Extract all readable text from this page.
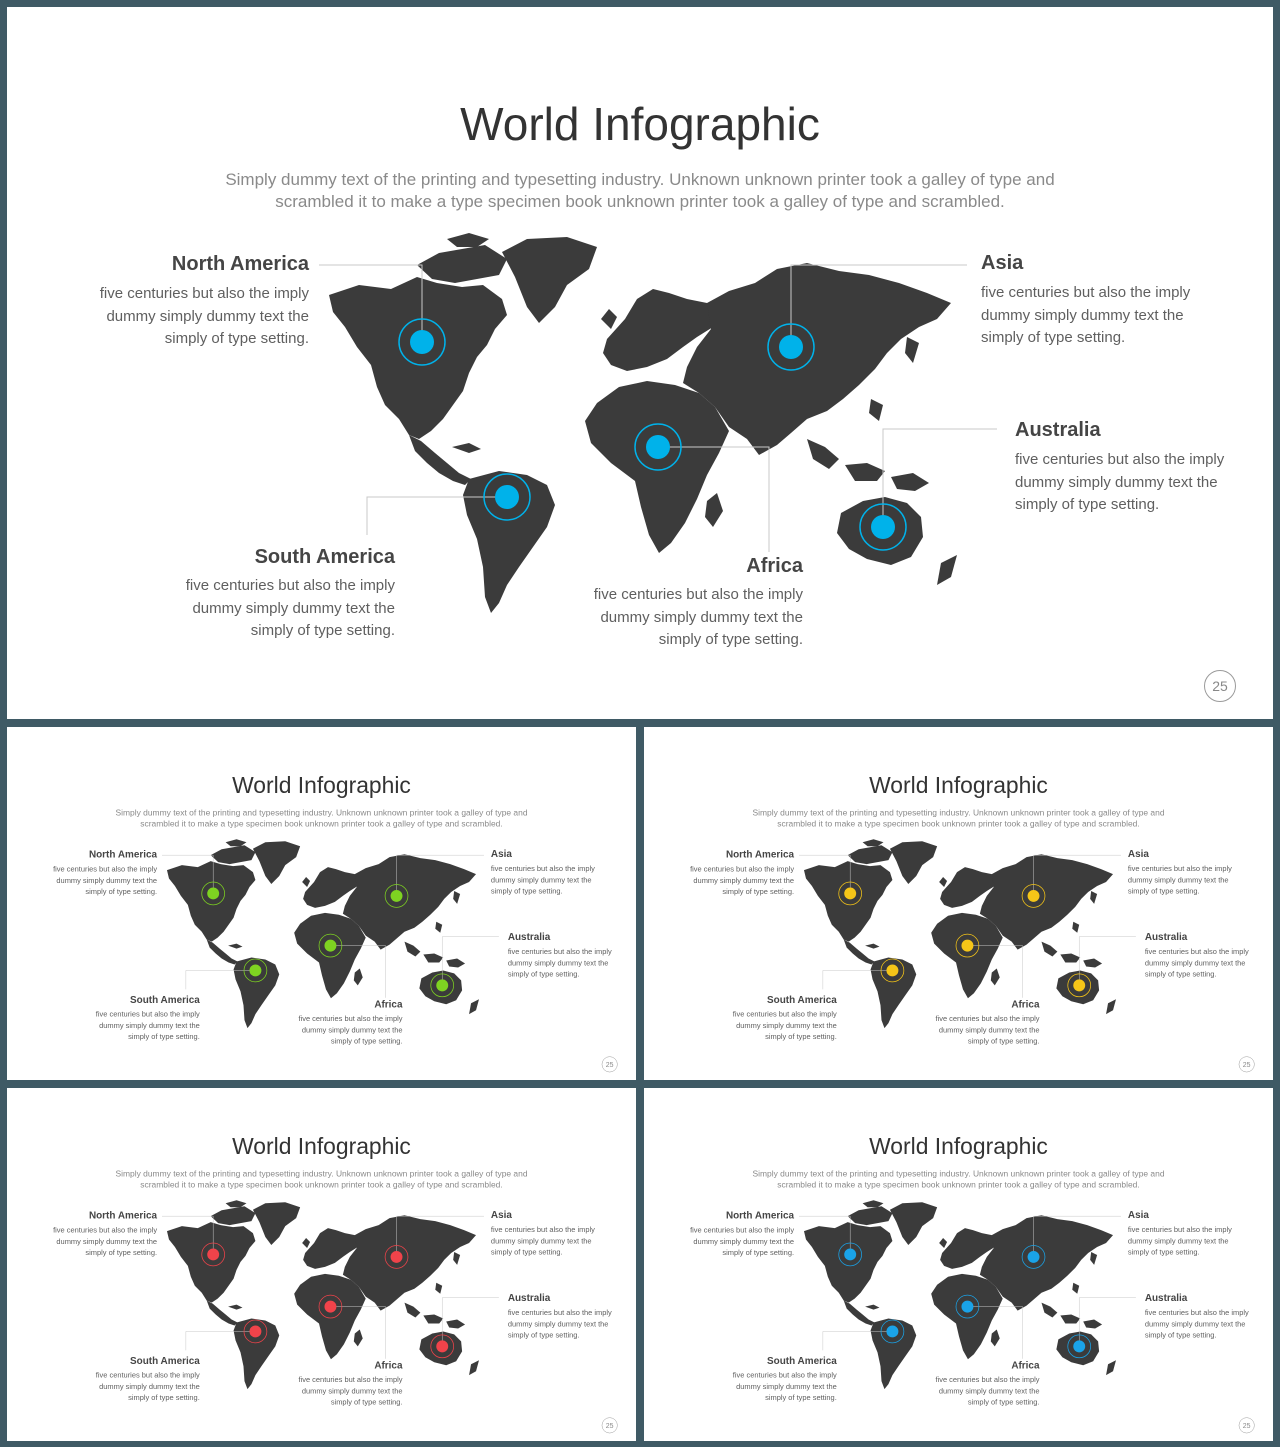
World Infographic
Simply dummy text of the printing and typesetting industry. Unknown unknown printer took a galley of type and scrambled it to make a type specimen book unknown printer took a galley of type and scrambled.
North America
five centuries but also the imply dummy simply dummy text the simply of type setting.
South America
five centuries but also the imply dummy simply dummy text the simply of type setting.
Africa
five centuries but also the imply dummy simply dummy text the simply of type setting.
Asia
five centuries but also the imply dummy simply dummy text the simply of type setting.
Australia
five centuries but also the imply dummy simply dummy text the simply of type setting.
25
World Infographic
Simply dummy text of the printing and typesetting industry. Unknown unknown printer took a galley of type and scrambled it to make a type specimen book unknown printer took a galley of type and scrambled.
North America
five centuries but also the imply dummy simply dummy text the simply of type setting.
South America
five centuries but also the imply dummy simply dummy text the simply of type setting.
Africa
five centuries but also the imply dummy simply dummy text the simply of type setting.
Asia
five centuries but also the imply dummy simply dummy text the simply of type setting.
Australia
five centuries but also the imply dummy simply dummy text the simply of type setting.
25
World Infographic
Simply dummy text of the printing and typesetting industry. Unknown unknown printer took a galley of type and scrambled it to make a type specimen book unknown printer took a galley of type and scrambled.
North America
five centuries but also the imply dummy simply dummy text the simply of type setting.
South America
five centuries but also the imply dummy simply dummy text the simply of type setting.
Africa
five centuries but also the imply dummy simply dummy text the simply of type setting.
Asia
five centuries but also the imply dummy simply dummy text the simply of type setting.
Australia
five centuries but also the imply dummy simply dummy text the simply of type setting.
25
World Infographic
Simply dummy text of the printing and typesetting industry. Unknown unknown printer took a galley of type and scrambled it to make a type specimen book unknown printer took a galley of type and scrambled.
North America
five centuries but also the imply dummy simply dummy text the simply of type setting.
South America
five centuries but also the imply dummy simply dummy text the simply of type setting.
Africa
five centuries but also the imply dummy simply dummy text the simply of type setting.
Asia
five centuries but also the imply dummy simply dummy text the simply of type setting.
Australia
five centuries but also the imply dummy simply dummy text the simply of type setting.
25
World Infographic
Simply dummy text of the printing and typesetting industry. Unknown unknown printer took a galley of type and scrambled it to make a type specimen book unknown printer took a galley of type and scrambled.
North America
five centuries but also the imply dummy simply dummy text the simply of type setting.
South America
five centuries but also the imply dummy simply dummy text the simply of type setting.
Africa
five centuries but also the imply dummy simply dummy text the simply of type setting.
Asia
five centuries but also the imply dummy simply dummy text the simply of type setting.
Australia
five centuries but also the imply dummy simply dummy text the simply of type setting.
25
